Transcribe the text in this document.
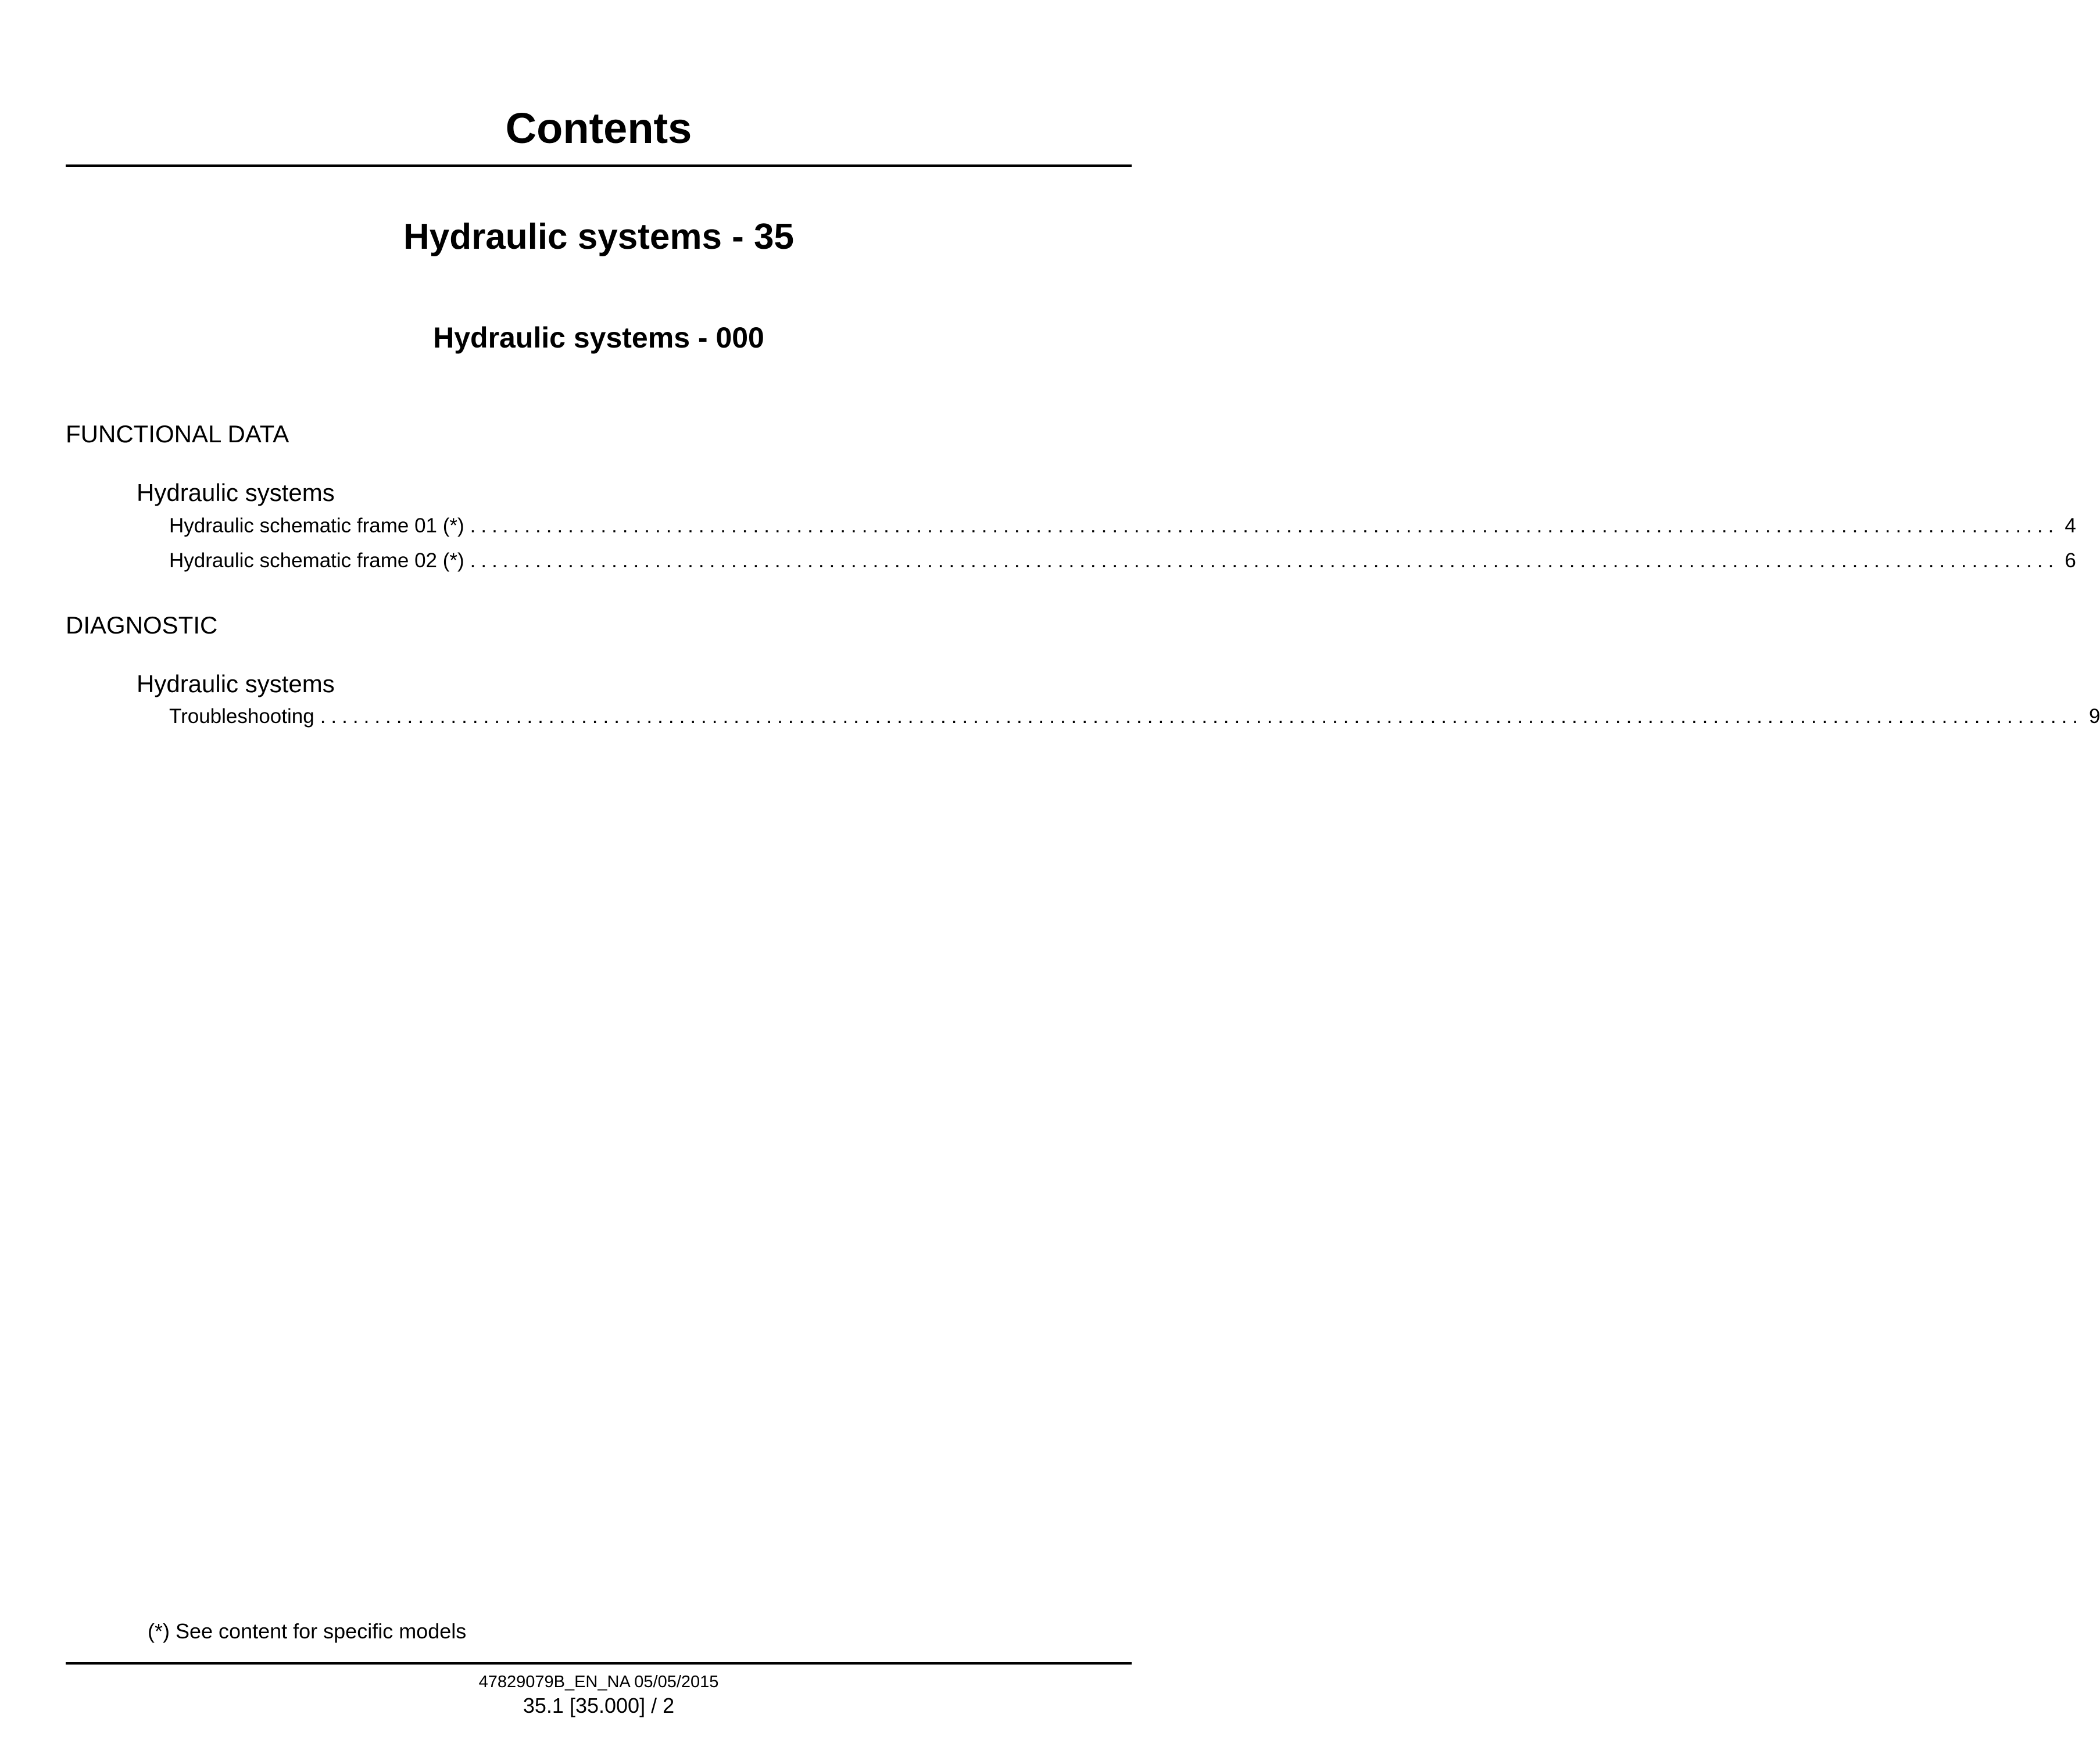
Contents
Hydraulic systems - 35
Hydraulic systems - 000
FUNCTIONAL DATA
Hydraulic systems
Hydraulic schematic frame 01 (*) .................................................................................................................................................. 4
Hydraulic schematic frame 02 (*) .................................................................................................................................................. 6
DIAGNOSTIC
Hydraulic systems
Troubleshooting .................................................................................................................................................................. 9
(*) See content for specific models
47829079B_EN_NA 05/05/2015
35.1 [35.000] / 2
